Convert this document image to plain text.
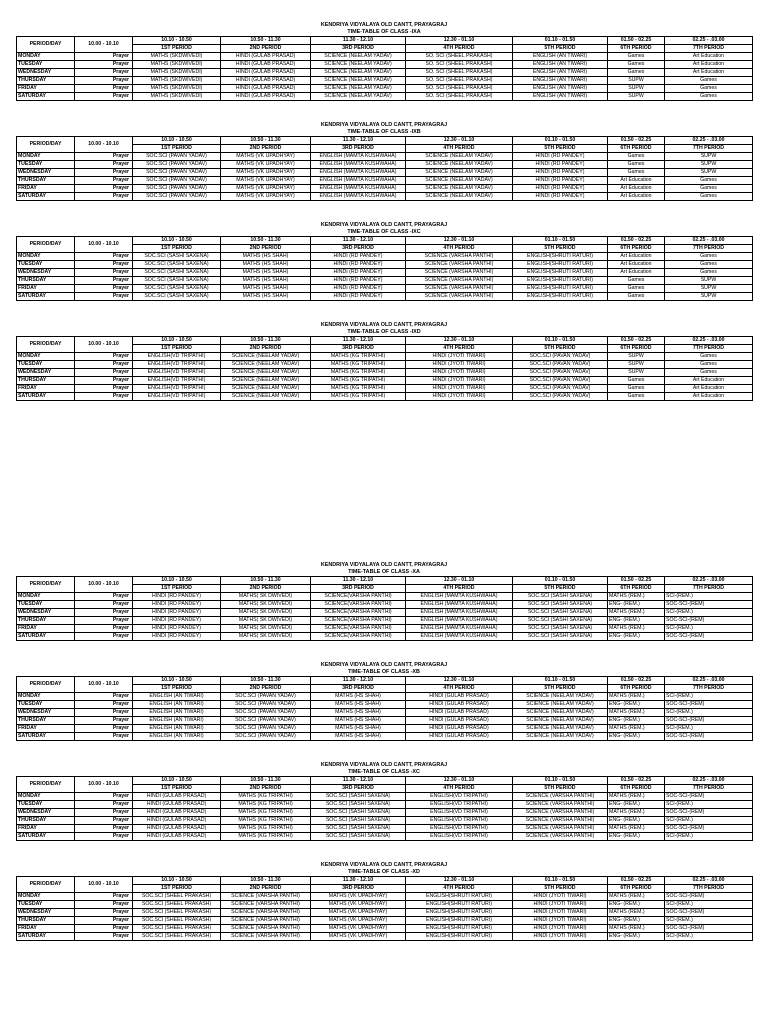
KENDRIYA VIDYALAYA OLD CANTT, PRAYAGRAJ
TIME-TABLE OF CLASS -IXA
PERIOD/DAY	10.00 - 10.10	10.10 - 10.50	10.50 - 11.30	11.30 - 12.10	12.30 - 01.10	01.10 - 01.50	01.50 - 02.25	02.25 - .03.00
		1ST PERIOD	2ND PERIOD	3RD PERIOD	4TH PERIOD	5TH PERIOD	6TH PERIOD	7TH PERIOD
MONDAY	Prayer	MATHS (SKDWIVEDI)	HINDI (GULAB PRASAD)	SCIENCE (NEELAM YADAV)	SO. SCI (SHEEL PRAKASH)	ENGLISH (AN TIWARI)	Games	Art Education
TUESDAY	Prayer	MATHS (SKDWIVEDI)	HINDI (GULAB PRASAD)	SCIENCE (NEELAM YADAV)	SO. SCI (SHEEL PRAKASH)	ENGLISH (AN TIWARI)	Games	Art Education
WEDNESDAY	Prayer	MATHS (SKDWIVEDI)	HINDI (GULAB PRASAD)	SCIENCE (NEELAM YADAV)	SO. SCI (SHEEL PRAKASH)	ENGLISH (AN TIWARI)	Games	Art Education
THURSDAY	Prayer	MATHS (SKDWIVEDI)	HINDI (GULAB PRASAD)	SCIENCE (NEELAM YADAV)	SO. SCI (SHEEL PRAKASH)	ENGLISH (AN TIWARI)	SUPW	Games
FRIDAY	Prayer	MATHS (SKDWIVEDI)	HINDI (GULAB PRASAD)	SCIENCE (NEELAM YADAV)	SO. SCI (SHEEL PRAKASH)	ENGLISH (AN TIWARI)	SUPW	Games
SATURDAY	Prayer	MATHS (SKDWIVEDI)	HINDI (GULAB PRASAD)	SCIENCE (NEELAM YADAV)	SO. SCI (SHEEL PRAKASH)	ENGLISH (AN TIWARI)	SUPW	Games
KENDRIYA VIDYALAYA OLD CANTT, PRAYAGRAJ
TIME-TABLE OF CLASS -IXB
PERIOD/DAY	10.00 - 10.10	10.10 - 10.50	10.50 - 11.30	11.30 - 12.10	12.30 - 01.10	01.10 - 01.50	01.50 - 02.25	02.25 - .03.00
		1ST PERIOD	2ND PERIOD	3RD PERIOD	4TH PERIOD	5TH PERIOD	6TH PERIOD	7TH PERIOD
MONDAY	Prayer	SOC.SCI (PAVAN YADAV)	MATHS (VK UPADHYAY)	ENGLISH (MAMTA KUSHWAHA)	SCIENCE (NEELAM YADAV)	HINDI (RD PANDEY)	Games	SUPW
TUESDAY	Prayer	SOC.SCI (PAVAN YADAV)	MATHS (VK UPADHYAY)	ENGLISH (MAMTA KUSHWAHA)	SCIENCE (NEELAM YADAV)	HINDI (RD PANDEY)	Games	SUPW
WEDNESDAY	Prayer	SOC.SCI (PAVAN YADAV)	MATHS (VK UPADHYAY)	ENGLISH (MAMTA KUSHWAHA)	SCIENCE (NEELAM YADAV)	HINDI (RD PANDEY)	Games	SUPW
THURSDAY	Prayer	SOC.SCI (PAVAN YADAV)	MATHS (VK UPADHYAY)	ENGLISH (MAMTA KUSHWAHA)	SCIENCE (NEELAM YADAV)	HINDI (RD PANDEY)	Art Education	Games
FRIDAY	Prayer	SOC.SCI (PAVAN YADAV)	MATHS (VK UPADHYAY)	ENGLISH (MAMTA KUSHWAHA)	SCIENCE (NEELAM YADAV)	HINDI (RD PANDEY)	Art Education	Games
SATURDAY	Prayer	SOC.SCI (PAVAN YADAV)	MATHS (VK UPADHYAY)	ENGLISH (MAMTA KUSHWAHA)	SCIENCE (NEELAM YADAV)	HINDI (RD PANDEY)	Art Education	Games
KENDRIYA VIDYALAYA OLD CANTT, PRAYAGRAJ
TIME-TABLE OF CLASS -IXC
PERIOD/DAY	10.00 - 10.10	10.10 - 10.50	10.50 - 11.30	11.30 - 12.10	12.30 - 01.10	01.10 - 01.50	01.50 - 02.25	02.25 - .03.00
		1ST PERIOD	2ND PERIOD	3RD PERIOD	4TH PERIOD	5TH PERIOD	6TH PERIOD	7TH PERIOD
MONDAY	Prayer	SOC.SCI (SASHI SAXENA)	MATHS (HS SHAH)	HINDI (RD PANDEY)	SCIENCE (VARSHA PANTHI)	ENGLISH(SHRUTI RATURI)	Art Education	Games
TUESDAY	Prayer	SOC.SCI (SASHI SAXENA)	MATHS (HS SHAH)	HINDI (RD PANDEY)	SCIENCE (VARSHA PANTHI)	ENGLISH(SHRUTI RATURI)	Art Education	Games
WEDNESDAY	Prayer	SOC.SCI (SASHI SAXENA)	MATHS (HS SHAH)	HINDI (RD PANDEY)	SCIENCE (VARSHA PANTHI)	ENGLISH(SHRUTI RATURI)	Art Education	Games
THURSDAY	Prayer	SOC.SCI (SASHI SAXENA)	MATHS (HS SHAH)	HINDI (RD PANDEY)	SCIENCE (VARSHA PANTHI)	ENGLISH(SHRUTI RATURI)	Games	SUPW
FRIDAY	Prayer	SOC.SCI (SASHI SAXENA)	MATHS (HS SHAH)	HINDI (RD PANDEY)	SCIENCE (VARSHA PANTHI)	ENGLISH(SHRUTI RATURI)	Games	SUPW
SATURDAY	Prayer	SOC.SCI (SASHI SAXENA)	MATHS (HS SHAH)	HINDI (RD PANDEY)	SCIENCE (VARSHA PANTHI)	ENGLISH(SHRUTI RATURI)	Games	SUPW
KENDRIYA VIDYALAYA OLD CANTT, PRAYAGRAJ
TIME-TABLE OF CLASS -IXD
PERIOD/DAY	10.00 - 10.10	10.10 - 10.50	10.50 - 11.30	11.30 - 12.10	12.30 - 01.10	01.10 - 01.50	01.50 - 02.25	02.25 - .03.00
		1ST PERIOD	2ND PERIOD	3RD PERIOD	4TH PERIOD	5TH PERIOD	6TH PERIOD	7TH PERIOD
MONDAY	Prayer	ENGLISH(VD TRIPATHI)	SCIENCE (NEELAM YADAV)	MATHS (KG TRIPATHI)	HINDI (JYOTI TIWARI)	SOC.SCI (PAVAN YADAV)	SUPW	Games
TUESDAY	Prayer	ENGLISH(VD TRIPATHI)	SCIENCE (NEELAM YADAV)	MATHS (KG TRIPATHI)	HINDI (JYOTI TIWARI)	SOC.SCI (PAVAN YADAV)	SUPW	Games
WEDNESDAY	Prayer	ENGLISH(VD TRIPATHI)	SCIENCE (NEELAM YADAV)	MATHS (KG TRIPATHI)	HINDI (JYOTI TIWARI)	SOC.SCI (PAVAN YADAV)	SUPW	Games
THURSDAY	Prayer	ENGLISH(VD TRIPATHI)	SCIENCE (NEELAM YADAV)	MATHS (KG TRIPATHI)	HINDI (JYOTI TIWARI)	SOC.SCI (PAVAN YADAV)	Games	Art Education
FRIDAY	Prayer	ENGLISH(VD TRIPATHI)	SCIENCE (NEELAM YADAV)	MATHS (KG TRIPATHI)	HINDI (JYOTI TIWARI)	SOC.SCI (PAVAN YADAV)	Games	Art Education
SATURDAY	Prayer	ENGLISH(VD TRIPATHI)	SCIENCE (NEELAM YADAV)	MATHS (KG TRIPATHI)	HINDI (JYOTI TIWARI)	SOC.SCI (PAVAN YADAV)	Games	Art Education
KENDRIYA VIDYALAYA OLD CANTT, PRAYAGRAJ
TIME-TABLE OF CLASS -XA
PERIOD/DAY	10.00 - 10.10	10.10 - 10.50	10.50 - 11.30	11.30 - 12.10	12.30 - 01.10	01.10 - 01.50	01.50 - 02.25	02.25 - .03.00
		1ST PERIOD	2ND PERIOD	3RD PERIOD	4TH PERIOD	5TH PERIOD	6TH PERIOD	7TH PERIOD
MONDAY	Prayer	HINDI (RD PANDEY)	MATHS( SK DWIVEDI)	SCIENCE(VARSHA PANTHI)	ENGLISH (MAMTA KUSHWAHA)	SOC.SCI (SASHI SAXENA)	MATHS (REM.)	SCI-(REM.)
TUESDAY	Prayer	HINDI (RD PANDEY)	MATHS( SK DWIVEDI)	SCIENCE(VARSHA PANTHI)	ENGLISH (MAMTA KUSHWAHA)	SOC.SCI (SASHI SAXENA)	ENG- (REM.)	SOC-SCI-(REM)
WEDNESDAY	Prayer	HINDI (RD PANDEY)	MATHS( SK DWIVEDI)	SCIENCE(VARSHA PANTHI)	ENGLISH (MAMTA KUSHWAHA)	SOC.SCI (SASHI SAXENA)	MATHS (REM.)	SCI-(REM.)
THURSDAY	Prayer	HINDI (RD PANDEY)	MATHS( SK DWIVEDI)	SCIENCE(VARSHA PANTHI)	ENGLISH (MAMTA KUSHWAHA)	SOC.SCI (SASHI SAXENA)	ENG- (REM.)	SOC-SCI-(REM)
FRIDAY	Prayer	HINDI (RD PANDEY)	MATHS( SK DWIVEDI)	SCIENCE(VARSHA PANTHI)	ENGLISH (MAMTA KUSHWAHA)	SOC.SCI (SASHI SAXENA)	MATHS (REM.)	SCI-(REM.)
SATURDAY	Prayer	HINDI (RD PANDEY)	MATHS( SK DWIVEDI)	SCIENCE(VARSHA PANTHI)	ENGLISH (MAMTA KUSHWAHA)	SOC.SCI (SASHI SAXENA)	ENG- (REM.)	SOC-SCI-(REM)
KENDRIYA VIDYALAYA OLD CANTT, PRAYAGRAJ
TIME-TABLE OF CLASS -XB
PERIOD/DAY	10.00 - 10.10	10.10 - 10.50	10.50 - 11.30	11.30 - 12.10	12.30 - 01.10	01.10 - 01.50	01.50 - 02.25	02.25 - .03.00
		1ST PERIOD	2ND PERIOD	3RD PERIOD	4TH PERIOD	5TH PERIOD	6TH PERIOD	7TH PERIOD
MONDAY	Prayer	ENGLISH (AN TIWARI)	SOC.SCI (PAVAN YADAV)	MATHS (HS SHAH)	HINDI (GULAB PRASAD)	SCIENCE (NEELAM YADAV)	MATHS (REM.)	SCI-(REM.)
TUESDAY	Prayer	ENGLISH (AN TIWARI)	SOC.SCI (PAVAN YADAV)	MATHS (HS SHAH)	HINDI (GULAB PRASAD)	SCIENCE (NEELAM YADAV)	ENG- (REM.)	SOC-SCI-(REM)
WEDNESDAY	Prayer	ENGLISH (AN TIWARI)	SOC.SCI (PAVAN YADAV)	MATHS (HS SHAH)	HINDI (GULAB PRASAD)	SCIENCE (NEELAM YADAV)	MATHS (REM.)	SCI-(REM.)
THURSDAY	Prayer	ENGLISH (AN TIWARI)	SOC.SCI (PAVAN YADAV)	MATHS (HS SHAH)	HINDI (GULAB PRASAD)	SCIENCE (NEELAM YADAV)	ENG- (REM.)	SOC-SCI-(REM)
FRIDAY	Prayer	ENGLISH (AN TIWARI)	SOC.SCI (PAVAN YADAV)	MATHS (HS SHAH)	HINDI (GULAB PRASAD)	SCIENCE (NEELAM YADAV)	MATHS (REM.)	SCI-(REM.)
SATURDAY	Prayer	ENGLISH (AN TIWARI)	SOC.SCI (PAVAN YADAV)	MATHS (HS SHAH)	HINDI (GULAB PRASAD)	SCIENCE (NEELAM YADAV)	ENG- (REM.)	SOC-SCI-(REM)
KENDRIYA VIDYALAYA OLD CANTT, PRAYAGRAJ
TIME-TABLE OF CLASS -XC
PERIOD/DAY	10.00 - 10.10	10.10 - 10.50	10.50 - 11.30	11.30 - 12.10	12.30 - 01.10	01.10 - 01.50	01.50 - 02.25	02.25 - .03.00
		1ST PERIOD	2ND PERIOD	3RD PERIOD	4TH PERIOD	5TH PERIOD	6TH PERIOD	7TH PERIOD
MONDAY	Prayer	HINDI (GULAB PRASAD)	MATHS (KG TRIPATHI)	SOC.SCI (SASHI SAXENA)	ENGLISH(VD TRIPATHI)	SCIENCE (VARSHA PANTHI)	MATHS (REM.)	SOC-SCI-(REM)
TUESDAY	Prayer	HINDI (GULAB PRASAD)	MATHS (KG TRIPATHI)	SOC.SCI (SASHI SAXENA)	ENGLISH(VD TRIPATHI)	SCIENCE (VARSHA PANTHI)	ENG- (REM.)	SCI-(REM.)
WEDNESDAY	Prayer	HINDI (GULAB PRASAD)	MATHS (KG TRIPATHI)	SOC.SCI (SASHI SAXENA)	ENGLISH(VD TRIPATHI)	SCIENCE (VARSHA PANTHI)	MATHS (REM.)	SOC-SCI-(REM)
THURSDAY	Prayer	HINDI (GULAB PRASAD)	MATHS (KG TRIPATHI)	SOC.SCI (SASHI SAXENA)	ENGLISH(VD TRIPATHI)	SCIENCE (VARSHA PANTHI)	ENG- (REM.)	SCI-(REM.)
FRIDAY	Prayer	HINDI (GULAB PRASAD)	MATHS (KG TRIPATHI)	SOC.SCI (SASHI SAXENA)	ENGLISH(VD TRIPATHI)	SCIENCE (VARSHA PANTHI)	MATHS (REM.)	SOC-SCI-(REM)
SATURDAY	Prayer	HINDI (GULAB PRASAD)	MATHS (KG TRIPATHI)	SOC.SCI (SASHI SAXENA)	ENGLISH(VD TRIPATHI)	SCIENCE (VARSHA PANTHI)	ENG- (REM.)	SCI-(REM.)
KENDRIYA VIDYALAYA OLD CANTT, PRAYAGRAJ
TIME-TABLE OF CLASS -XD
PERIOD/DAY	10.00 - 10.10	10.10 - 10.50	10.50 - 11.30	11.30 - 12.10	12.30 - 01.10	01.10 - 01.50	01.50 - 02.25	02.25 - .03.00
		1ST PERIOD	2ND PERIOD	3RD PERIOD	4TH PERIOD	5TH PERIOD	6TH PERIOD	7TH PERIOD
MONDAY	Prayer	SOC.SCI (SHEEL PRAKASH)	SCIENCE (VARSHA PANTHI)	MATHS (VK UPADHYAY)	ENGLISH(SHRUTI RATURI)	HINDI (JYOTI TIWARI)	MATHS (REM.)	SOC-SCI-(REM)
TUESDAY	Prayer	SOC.SCI (SHEEL PRAKASH)	SCIENCE (VARSHA PANTHI)	MATHS (VK UPADHYAY)	ENGLISH(SHRUTI RATURI)	HINDI (JYOTI TIWARI)	ENG- (REM.)	SCI-(REM.)
WEDNESDAY	Prayer	SOC.SCI (SHEEL PRAKASH)	SCIENCE (VARSHA PANTHI)	MATHS (VK UPADHYAY)	ENGLISH(SHRUTI RATURI)	HINDI (JYOTI TIWARI)	MATHS (REM.)	SOC-SCI-(REM)
THURSDAY	Prayer	SOC.SCI (SHEEL PRAKASH)	SCIENCE (VARSHA PANTHI)	MATHS (VK UPADHYAY)	ENGLISH(SHRUTI RATURI)	HINDI (JYOTI TIWARI)	ENG- (REM.)	SCI-(REM.)
FRIDAY	Prayer	SOC.SCI (SHEEL PRAKASH)	SCIENCE (VARSHA PANTHI)	MATHS (VK UPADHYAY)	ENGLISH(SHRUTI RATURI)	HINDI (JYOTI TIWARI)	MATHS (REM.)	SOC-SCI-(REM)
SATURDAY	Prayer	SOC.SCI (SHEEL PRAKASH)	SCIENCE (VARSHA PANTHI)	MATHS (VK UPADHYAY)	ENGLISH(SHRUTI RATURI)	HINDI (JYOTI TIWARI)	ENG- (REM.)	SCI-(REM.)
